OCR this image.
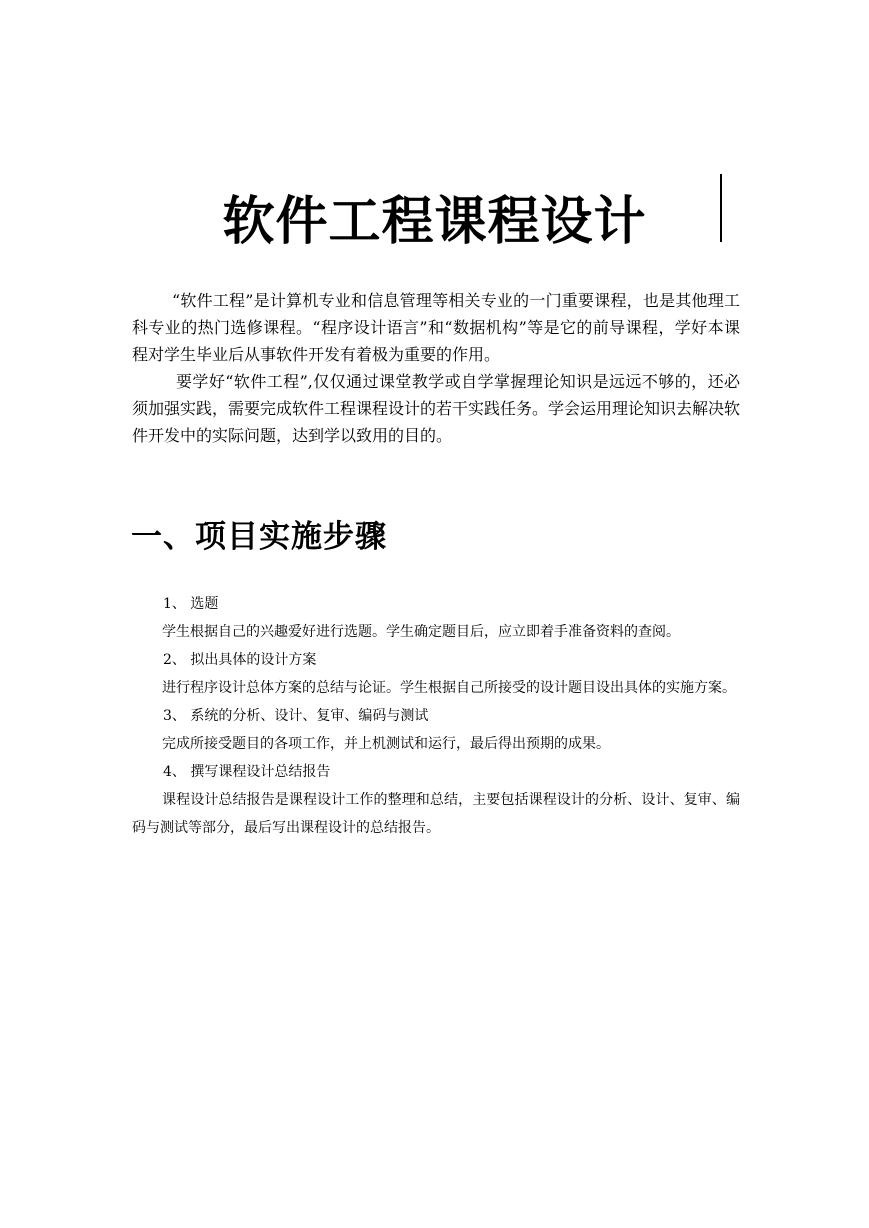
软件工程课程设计

“软件工程”是计算机专业和信息管理等相关专业的一门重要课程，也是其他理工科专业的热门选修课程。“程序设计语言”和“数据机构”等是它的前导课程，学好本课程对学生毕业后从事软件开发有着极为重要的作用。

要学好“软件工程”,仅仅通过课堂教学或自学掌握理论知识是远远不够的，还必须加强实践，需要完成软件工程课程设计的若干实践任务。学会运用理论知识去解决软件开发中的实际问题，达到学以致用的目的。

一、项目实施步骤

1、 选题

学生根据自己的兴趣爱好进行选题。学生确定题目后，应立即着手准备资料的查阅。

2、 拟出具体的设计方案

进行程序设计总体方案的总结与论证。学生根据自己所接受的设计题目设出具体的实施方案。

3、 系统的分析、设计、复审、编码与测试

完成所接受题目的各项工作，并上机测试和运行，最后得出预期的成果。

4、 撰写课程设计总结报告

课程设计总结报告是课程设计工作的整理和总结，主要包括课程设计的分析、设计、复审、编码与测试等部分，最后写出课程设计的总结报告。
